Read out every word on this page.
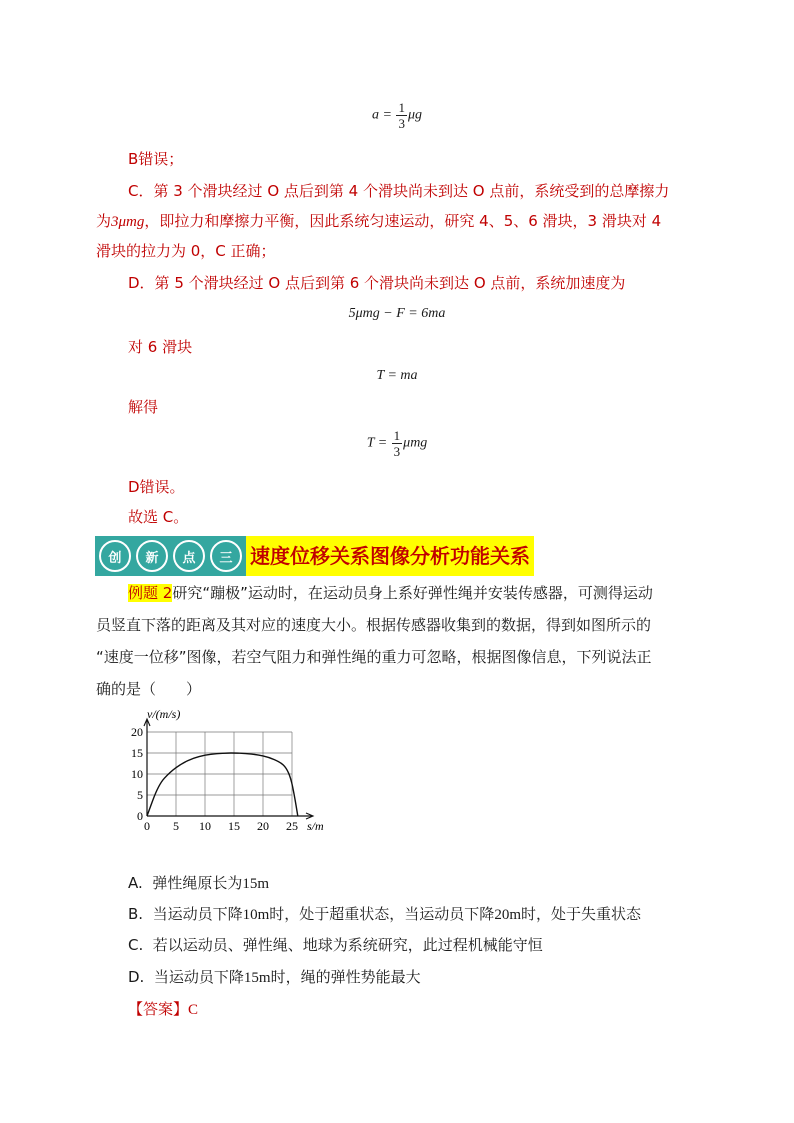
$a = \frac{1}{3}$ μg
B错误；
C．第 3 个滑块经过 O 点后到第 4 个滑块尚未到达 O 点前，系统受到的总摩擦力
为3μmg，即拉力和摩擦力平衡，因此系统匀速运动，研究 4、5、6 滑块，3 滑块对 4
滑块的拉力为 0，C 正确；
D．第 5 个滑块经过 O 点后到第 6 个滑块尚未到达 O 点前，系统加速度为
5μmg − F = 6ma
对 6 滑块
T = ma
解得
$T = \frac{1}{3}$ μmg
D错误。
故选 C。
创	新	点	三 速度位移关系图像分析功能关系
例题 2研究“蹦极”运动时，在运动员身上系好弹性绳并安装传感器，可测得运动
员竖直下落的距离及其对应的速度大小。根据传感器收集到的数据，得到如图所示的
“速度一位移”图像，若空气阻力和弹性绳的重力可忽略，根据图像信息，下列说法正
确的是（　　）
0 5 10 15 20 25
0
5
10
15
20
v/(m/s)
s/m
A. 弹性绳原长为15m
B. 当运动员下降10m时，处于超重状态，当运动员下降20m时，处于失重状态
C. 若以运动员、弹性绳、地球为系统研究，此过程机械能守恒
D. 当运动员下降15m时，绳的弹性势能最大
【答案】C
